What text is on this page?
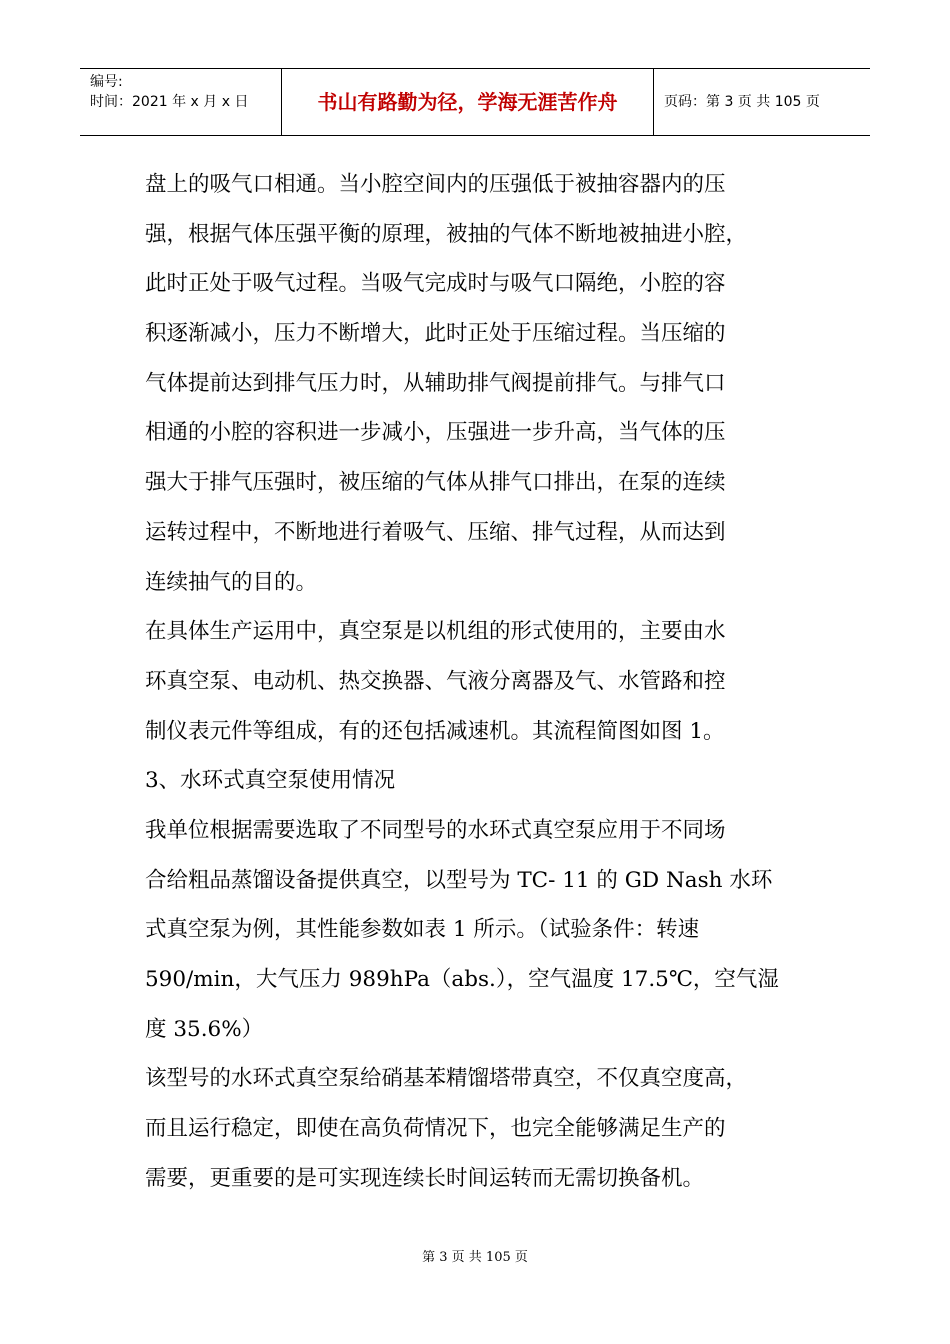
编号:
时间：2021 年 x 月 x 日	书山有路勤为径，学海无涯苦作舟	页码：第 3 页 共 105 页
盘上的吸气口相通。当小腔空间内的压强低于被抽容器内的压
强，根据气体压强平衡的原理，被抽的气体不断地被抽进小腔，
此时正处于吸气过程。当吸气完成时与吸气口隔绝，小腔的容
积逐渐减小，压力不断增大，此时正处于压缩过程。当压缩的
气体提前达到排气压力时，从辅助排气阀提前排气。与排气口
相通的小腔的容积进一步减小，压强进一步升高，当气体的压
强大于排气压强时，被压缩的气体从排气口排出，在泵的连续
运转过程中，不断地进行着吸气、压缩、排气过程，从而达到
连续抽气的目的。
在具体生产运用中，真空泵是以机组的形式使用的，主要由水
环真空泵、电动机、热交换器、气液分离器及气、水管路和控
制仪表元件等组成，有的还包括减速机。其流程简图如图 1。
3、水环式真空泵使用情况
我单位根据需要选取了不同型号的水环式真空泵应用于不同场
合给粗品蒸馏设备提供真空，以型号为 TC- 11 的 GD Nash 水环
式真空泵为例，其性能参数如表 1 所示。（试验条件：转速
590/min，大气压力 989hPa（abs.），空气温度 17.5℃，空气湿
度 35.6%）
该型号的水环式真空泵给硝基苯精馏塔带真空，不仅真空度高，
而且运行稳定，即使在高负荷情况下，也完全能够满足生产的
需要，更重要的是可实现连续长时间运转而无需切换备机。
第 3 页 共 105 页
